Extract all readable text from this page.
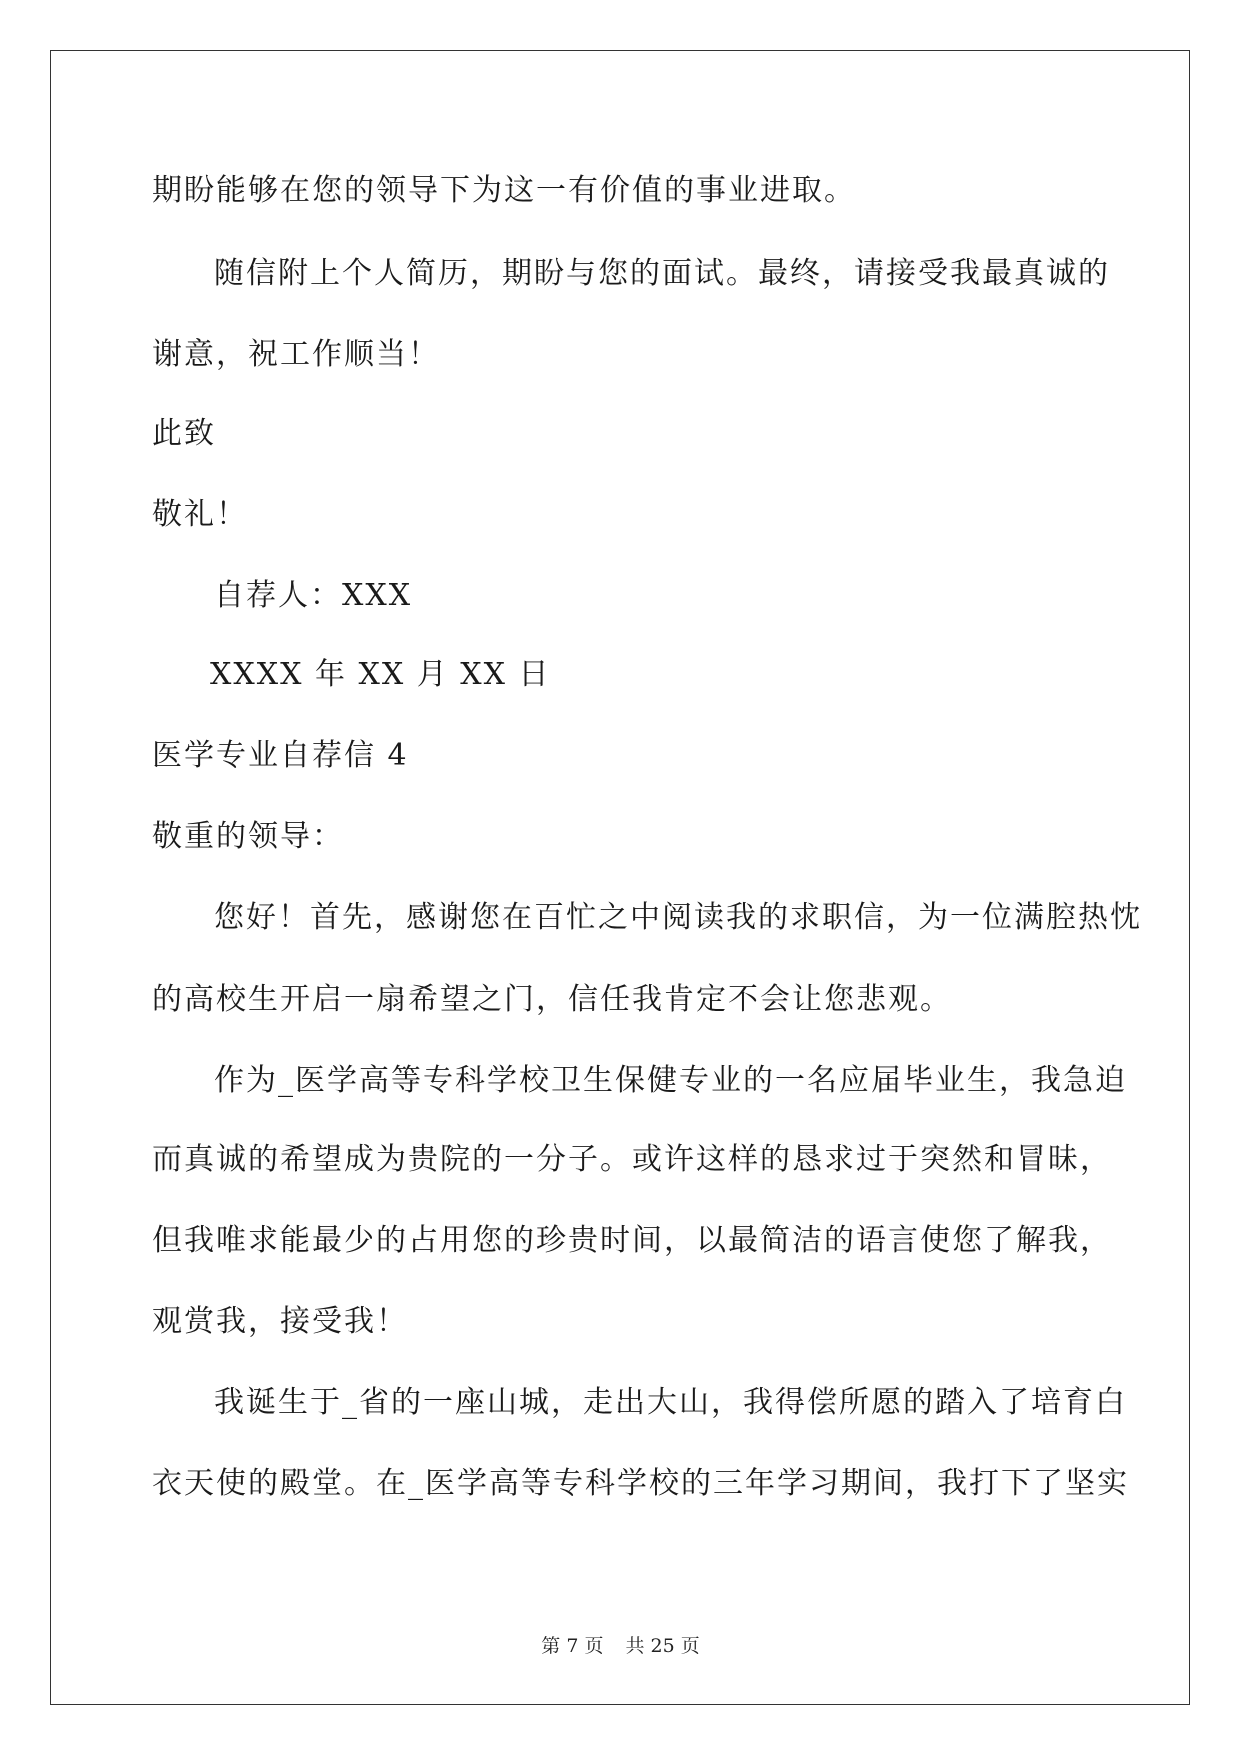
期盼能够在您的领导下为这一有价值的事业进取。
随信附上个人简历，期盼与您的面试。最终，请接受我最真诚的
谢意，祝工作顺当！
此致
敬礼！
自荐人：XXX
XXXX 年 XX 月 XX 日
医学专业自荐信 4
敬重的领导：
您好！首先，感谢您在百忙之中阅读我的求职信，为一位满腔热忱
的高校生开启一扇希望之门，信任我肯定不会让您悲观。
作为_医学高等专科学校卫生保健专业的一名应届毕业生，我急迫
而真诚的希望成为贵院的一分子。或许这样的恳求过于突然和冒昧，
但我唯求能最少的占用您的珍贵时间，以最简洁的语言使您了解我，
观赏我，接受我！
我诞生于_省的一座山城，走出大山，我得偿所愿的踏入了培育白
衣天使的殿堂。在_医学高等专科学校的三年学习期间，我打下了坚实
第 7 页 共 25 页
